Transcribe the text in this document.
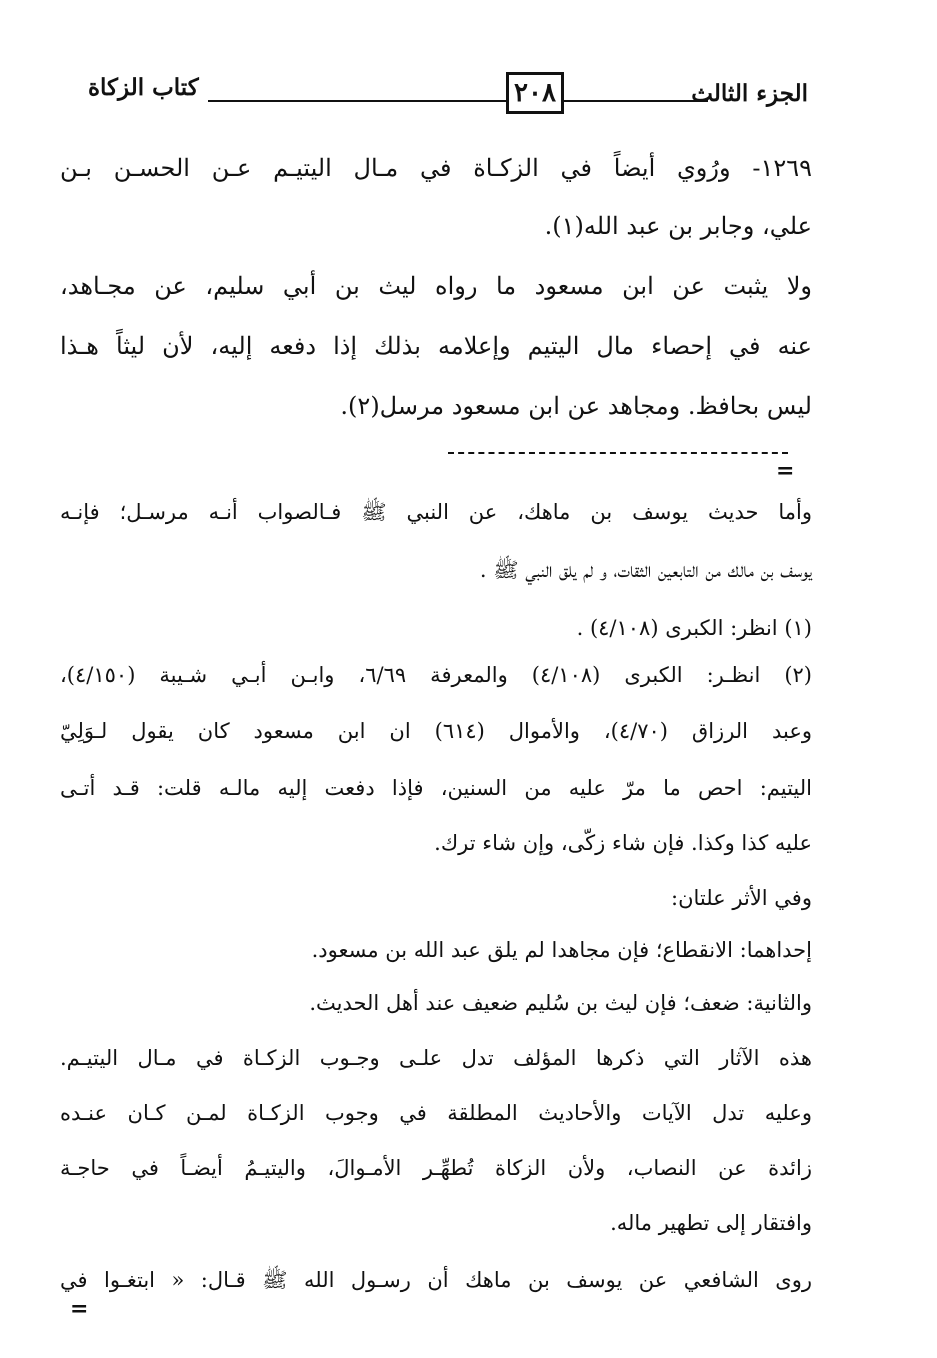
كتاب الزكاة	٢٠٨	الجزء الثالث
١٢٦٩- ورُوي أيضاً في الزكـاة في مـال اليتيـم عـن الحسـن بـن
علي، وجابر بن عبد الله(١).
ولا يثبت عن ابن مسعود ما رواه ليث بن أبي سليم، عن مجـاهد،
عنه في إحصاء مال اليتيم وإعلامه بذلك إذا دفعه إليه، لأن ليثاً هـذا
ليس بحافظ. ومجاهد عن ابن مسعود مرسل(٢).
=
وأما حديث يوسف بن ماهك، عن النبي ﷺ فـالصواب أنـه مرسـل؛ فإنـه
يوسف بن مالك من التابعين الثقات، و لم يلق النبي ﷺ .
(١) انظر: الكبرى (٤/١٠٨) .
(٢) انظـر: الكبرى (٤/١٠٨) والمعرفة ٦/٦٩، وابـن أبـي شـيبة (٤/١٥٠)،
وعبد الرزاق (٤/٧٠)، والأموال (٦١٤) ان ابن مسعود كان يقول لـوَلِيّ
اليتيم: احص ما مرّ عليه من السنين، فإذا دفعت إليه مالـه قلت: قـد أتـى
عليه كذا وكذا. فإن شاء زكّى، وإن شاء ترك.
وفي الأثر علتان:
إحداهما: الانقطاع؛ فإن مجاهدا لم يلق عبد الله بن مسعود.
والثانية: ضعف؛ فإن ليث بن سُليم ضعيف عند أهل الحديث.
هذه الآثار التي ذكرها المؤلف تدل علـى وجـوب الزكـاة في مـال اليتيـم.
وعليه تدل الآيات والأحاديث المطلقة في وجوب الزكـاة لمـن كـان عنـده
زائدة عن النصاب، ولأن الزكاة تُطهِّـر الأمـوالَ، واليتيـمُ أيضـاً في حاجـة
وافتقار إلى تطهير ماله.
روى الشافعي عن يوسف بن ماهك أن رسـول الله ﷺ قـال: « ابتغـوا في
=
